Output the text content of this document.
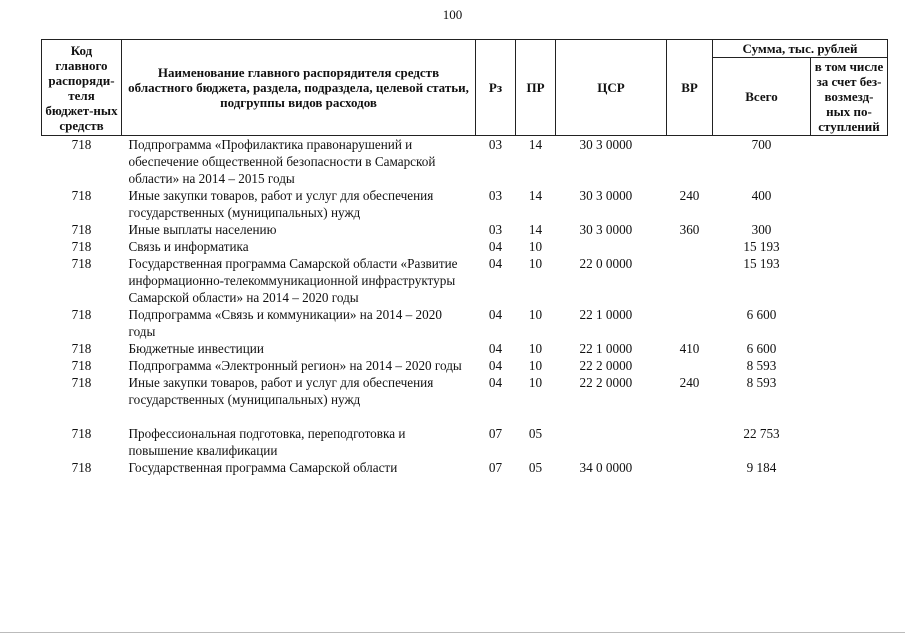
100
Код главного распоряди-теля бюджет-ных средств	Наименование главного распорядителя средств областного бюджета, раздела, подраздела, целевой статьи, подгруппы видов расходов	Рз	ПР	ЦСР	ВР	Сумма, тыс. рублей	
						Всего	в том числе за счет без-возмезд-ных по-ступлений
718	Подпрограмма «Профилактика правонарушений и обеспечение общественной безопасности в Самарской области» на 2014 – 2015 годы	03	14	30 3 0000		700	
718	Иные закупки товаров, работ и услуг для обеспечения государственных (муниципальных) нужд	03	14	30 3 0000	240	400	
718	Иные выплаты населению	03	14	30 3 0000	360	300	
718	Связь и информатика	04	10			15 193	
718	Государственная программа Самарской области «Развитие информационно-телекоммуникационной инфраструктуры Самарской области» на 2014 – 2020 годы	04	10	22 0 0000		15 193	
718	Подпрограмма «Связь и коммуникации» на 2014 – 2020 годы	04	10	22 1 0000		6 600	
718	Бюджетные инвестиции	04	10	22 1 0000	410	6 600	
718	Подпрограмма «Электронный регион» на 2014 – 2020 годы	04	10	22 2 0000		8 593	
718	Иные закупки товаров, работ и услуг для обеспечения государственных (муниципальных) нужд	04	10	22 2 0000	240	8 593	

718	Профессиональная подготовка, переподготовка и повышение квалификации	07	05			22 753	
718	Государственная программа Самарской области	07	05	34 0 0000		9 184	
